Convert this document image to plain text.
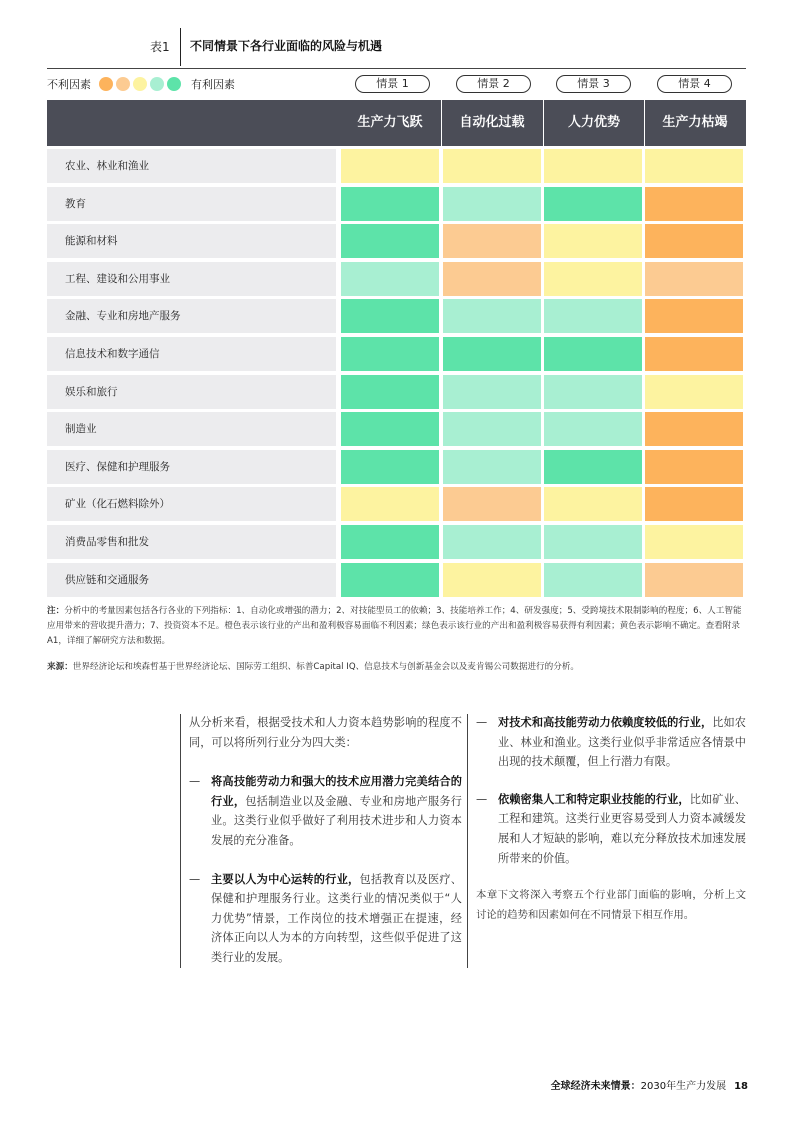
表1 不同情景下各行业面临的风险与机遇
不利因素	有利因素	情景 1	情景 2	情景 3	情景 4
生产力飞跃	自动化过载	人力优势	生产力枯竭
农业、林业和渔业
教育
能源和材料
工程、建设和公用事业
金融、专业和房地产服务
信息技术和数字通信
娱乐和旅行
制造业
医疗、保健和护理服务
矿业（化石燃料除外）
消费品零售和批发
供应链和交通服务
注：分析中的考量因素包括各行各业的下列指标：1、自动化或增强的潜力；2、对技能型员工的依赖；3、技能培养工作；4、研发强度；5、受跨境技术限制影响的程度；6、人工智能应用带来的营收提升潜力；7、投资资本不足。橙色表示该行业的产出和盈利极容易面临不利因素；绿色表示该行业的产出和盈利极容易获得有利因素；黄色表示影响不确定。查看附录A1，详细了解研究方法和数据。
来源：世界经济论坛和埃森哲基于世界经济论坛、国际劳工组织、标普Capital IQ、信息技术与创新基金会以及麦肯锡公司数据进行的分析。
从分析来看，根据受技术和人力资本趋势影响的程度不同，可以将所列行业分为四大类：
— 将高技能劳动力和强大的技术应用潜力完美结合的行业，包括制造业以及金融、专业和房地产服务行业。这类行业似乎做好了利用技术进步和人力资本发展的充分准备。
— 主要以人为中心运转的行业，包括教育以及医疗、保健和护理服务行业。这类行业的情况类似于“人力优势”情景，工作岗位的技术增强正在提速，经济体正向以人为本的方向转型，这些似乎促进了这类行业的发展。
— 对技术和高技能劳动力依赖度较低的行业，比如农业、林业和渔业。这类行业似乎非常适应各情景中出现的技术颠覆，但上行潜力有限。
— 依赖密集人工和特定职业技能的行业，比如矿业、工程和建筑。这类行业更容易受到人力资本减缓发展和人才短缺的影响，难以充分释放技术加速发展所带来的价值。
本章下文将深入考察五个行业部门面临的影响，分析上文讨论的趋势和因素如何在不同情景下相互作用。
全球经济未来情景：2030年生产力发展 18
